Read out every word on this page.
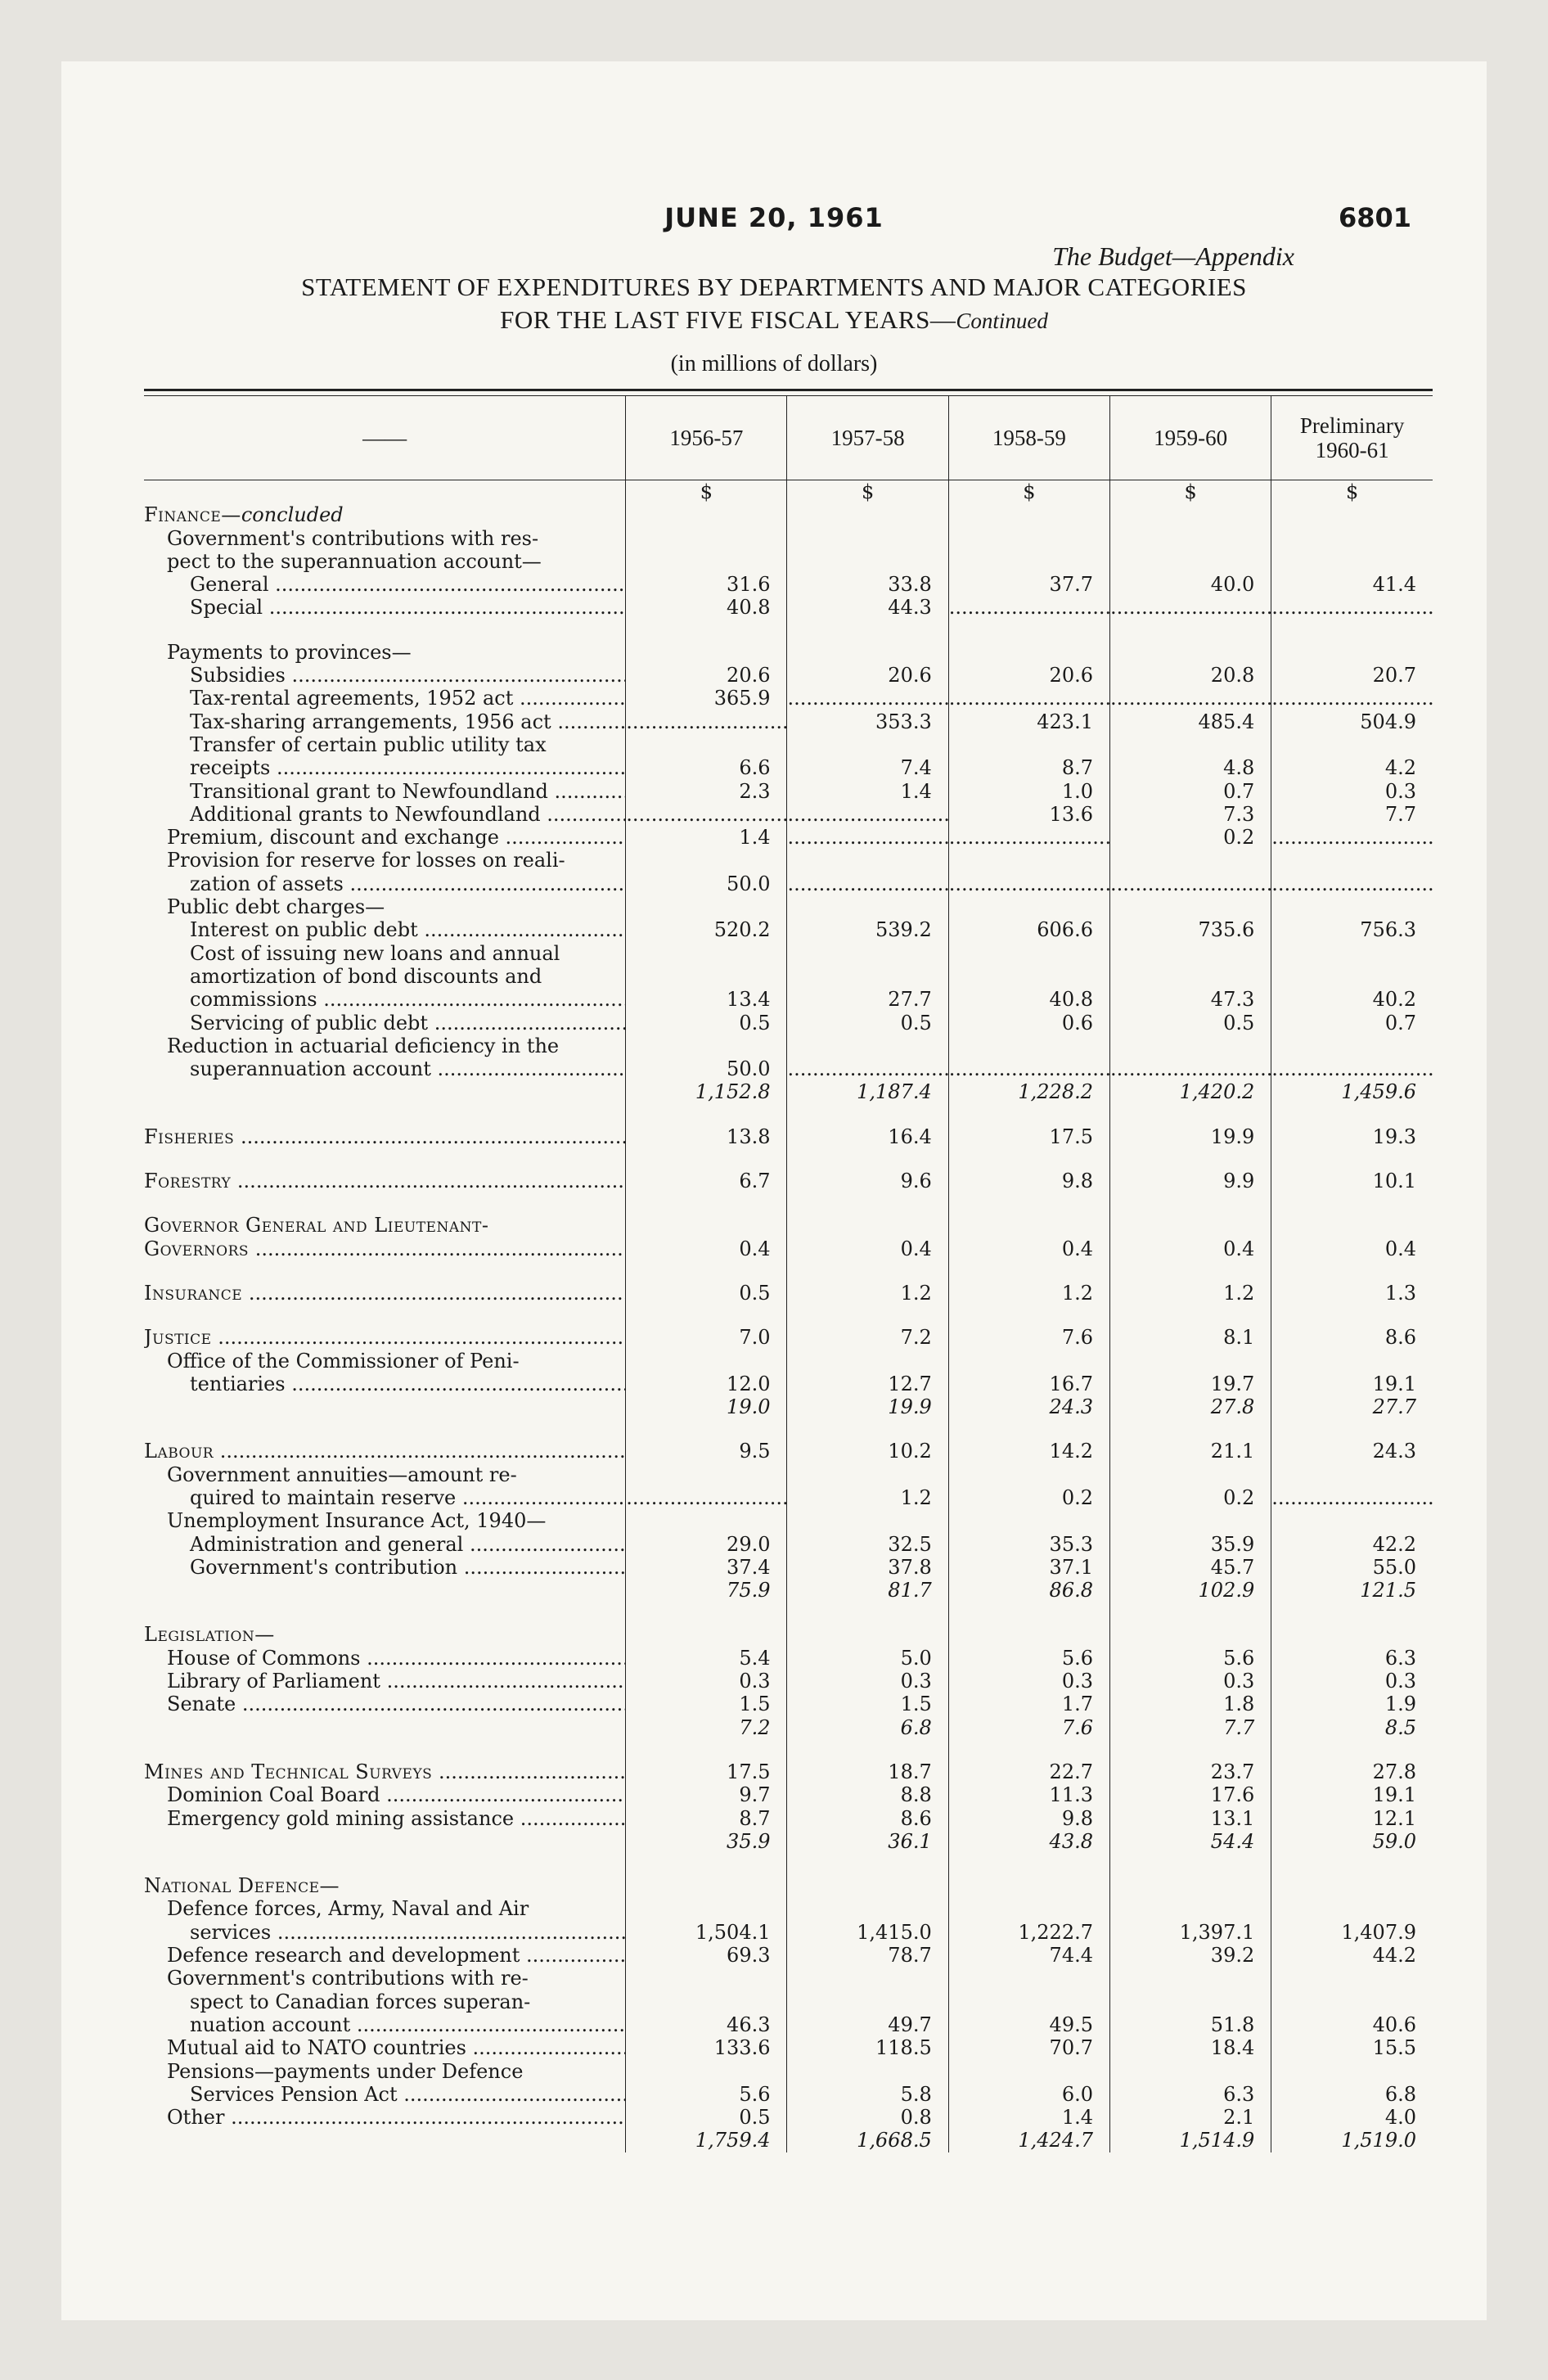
JUNE 20, 1961	6801
The Budget—Appendix
STATEMENT OF EXPENDITURES BY DEPARTMENTS AND MAJOR CATEGORIES
FOR THE LAST FIVE FISCAL YEARS—Continued
(in millions of dollars)
——	1956-57	1957-58	1958-59	1959-60	Preliminary
1960-61

	$	$	$	$	$
Finance—concluded					
Government's contributions with res-					
pect to the superannuation account—					
General .....	31.6	33.8	37.7	40.0	41.4
Special .....	40.8	44.3	.....	.....	.....

Payments to provinces—					
Subsidies .....	20.6	20.6	20.6	20.8	20.7
Tax-rental agreements, 1952 act .....	365.9	.....	.....	.....	.....
Tax-sharing arrangements, 1956 act .....	.....	353.3	423.1	485.4	504.9
Transfer of certain public utility tax					
receipts .....	6.6	7.4	8.7	4.8	4.2
Transitional grant to Newfoundland .....	2.3	1.4	1.0	0.7	0.3
Additional grants to Newfoundland .....	.....	.....	13.6	7.3	7.7
Premium, discount and exchange .....	1.4	.....	.....	0.2	.....
Provision for reserve for losses on reali-					
zation of assets .....	50.0	.....	.....	.....	.....
Public debt charges—					
Interest on public debt .....	520.2	539.2	606.6	735.6	756.3
Cost of issuing new loans and annual					
amortization of bond discounts and					
commissions .....	13.4	27.7	40.8	47.3	40.2
Servicing of public debt .....	0.5	0.5	0.6	0.5	0.7
Reduction in actuarial deficiency in the					
superannuation account .....	50.0	.....	.....	.....	.....
	1,152.8	1,187.4	1,228.2	1,420.2	1,459.6

Fisheries .....	13.8	16.4	17.5	19.9	19.3

Forestry .....	6.7	9.6	9.8	9.9	10.1

Governor General and Lieutenant-					
Governors .....	0.4	0.4	0.4	0.4	0.4

Insurance .....	0.5	1.2	1.2	1.2	1.3

Justice .....	7.0	7.2	7.6	8.1	8.6
Office of the Commissioner of Peni-					
tentiaries .....	12.0	12.7	16.7	19.7	19.1
	19.0	19.9	24.3	27.8	27.7

Labour .....	9.5	10.2	14.2	21.1	24.3
Government annuities—amount re-					
quired to maintain reserve .....	.....	1.2	0.2	0.2	.....
Unemployment Insurance Act, 1940—					
Administration and general .....	29.0	32.5	35.3	35.9	42.2
Government's contribution .....	37.4	37.8	37.1	45.7	55.0
	75.9	81.7	86.8	102.9	121.5

Legislation—					
House of Commons .....	5.4	5.0	5.6	5.6	6.3
Library of Parliament .....	0.3	0.3	0.3	0.3	0.3
Senate .....	1.5	1.5	1.7	1.8	1.9
	7.2	6.8	7.6	7.7	8.5

Mines and Technical Surveys .....	17.5	18.7	22.7	23.7	27.8
Dominion Coal Board .....	9.7	8.8	11.3	17.6	19.1
Emergency gold mining assistance .....	8.7	8.6	9.8	13.1	12.1
	35.9	36.1	43.8	54.4	59.0

National Defence—					
Defence forces, Army, Naval and Air					
services .....	1,504.1	1,415.0	1,222.7	1,397.1	1,407.9
Defence research and development .....	69.3	78.7	74.4	39.2	44.2
Government's contributions with re-					
spect to Canadian forces superan-					
nuation account .....	46.3	49.7	49.5	51.8	40.6
Mutual aid to NATO countries .....	133.6	118.5	70.7	18.4	15.5
Pensions—payments under Defence					
Services Pension Act .....	5.6	5.8	6.0	6.3	6.8
Other .....	0.5	0.8	1.4	2.1	4.0
	1,759.4	1,668.5	1,424.7	1,514.9	1,519.0
